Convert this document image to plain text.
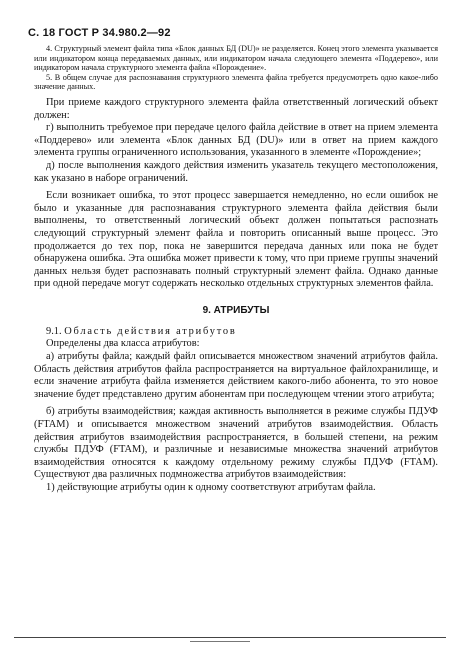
С. 18 ГОСТ Р 34.980.2—92

4. Структурный элемент файла типа «Блок данных БД (DU)» не разделяется. Конец этого элемента указывается или индикатором конца передаваемых данных, или индикатором начала следующего элемента «Поддерево», или индикатором начала структурного элемента файла «Порождение».

5. В общем случае для распознавания структурного элемента файла требуется предусмотреть одно какое-либо значение данных.

При приеме каждого структурного элемента файла ответственный логический объект должен:

г) выполнить требуемое при передаче целого файла действие в ответ на прием элемента «Поддерево» или элемента «Блок данных БД (DU)» или в ответ на прием каждого элемента группы ограниченного использования, указанного в элементе «Порождение»;

д) после выполнения каждого действия изменить указатель текущего местоположения, как указано в наборе ограничений.

Если возникает ошибка, то этот процесс завершается немедленно, но если ошибок не было и указанные для распознавания структурного элемента файла действия были выполнены, то ответственный логический объект должен попытаться распознать следующий структурный элемент файла и повторить описанный выше процесс. Это продолжается до тех пор, пока не завершится передача данных или пока не будет обнаружена ошибка. Эта ошибка может привести к тому, что при приеме группы значений данных нельзя будет распознавать полный структурный элемент файла. Однако данные при одной передаче могут содержать несколько отдельных структурных элементов файла.

9. АТРИБУТЫ

9.1. Область действия атрибутов

Определены два класса атрибутов:

а) атрибуты файла; каждый файл описывается множеством значений атрибутов файла. Область действия атрибутов файла распространяется на виртуальное файлохранилище, и если значение атрибута файла изменяется действием какого-либо абонента, то это новое значение будет представлено другим абонентам при последующем чтении этого атрибута;

б) атрибуты взаимодействия; каждая активность выполняется в режиме службы ПДУФ (FTAM) и описывается множеством значений атрибутов взаимодействия. Область действия атрибутов взаимодействия распространяется, в большей степени, на режим службы ПДУФ (FTAM), и различные и независимые множества значений атрибутов взаимодействия относятся к каждому отдельному режиму службы ПДУФ (FTAM). Существуют два различных подмножества атрибутов взаимодействия:

1) действующие атрибуты один к одному соответствуют атрибутам файла.
